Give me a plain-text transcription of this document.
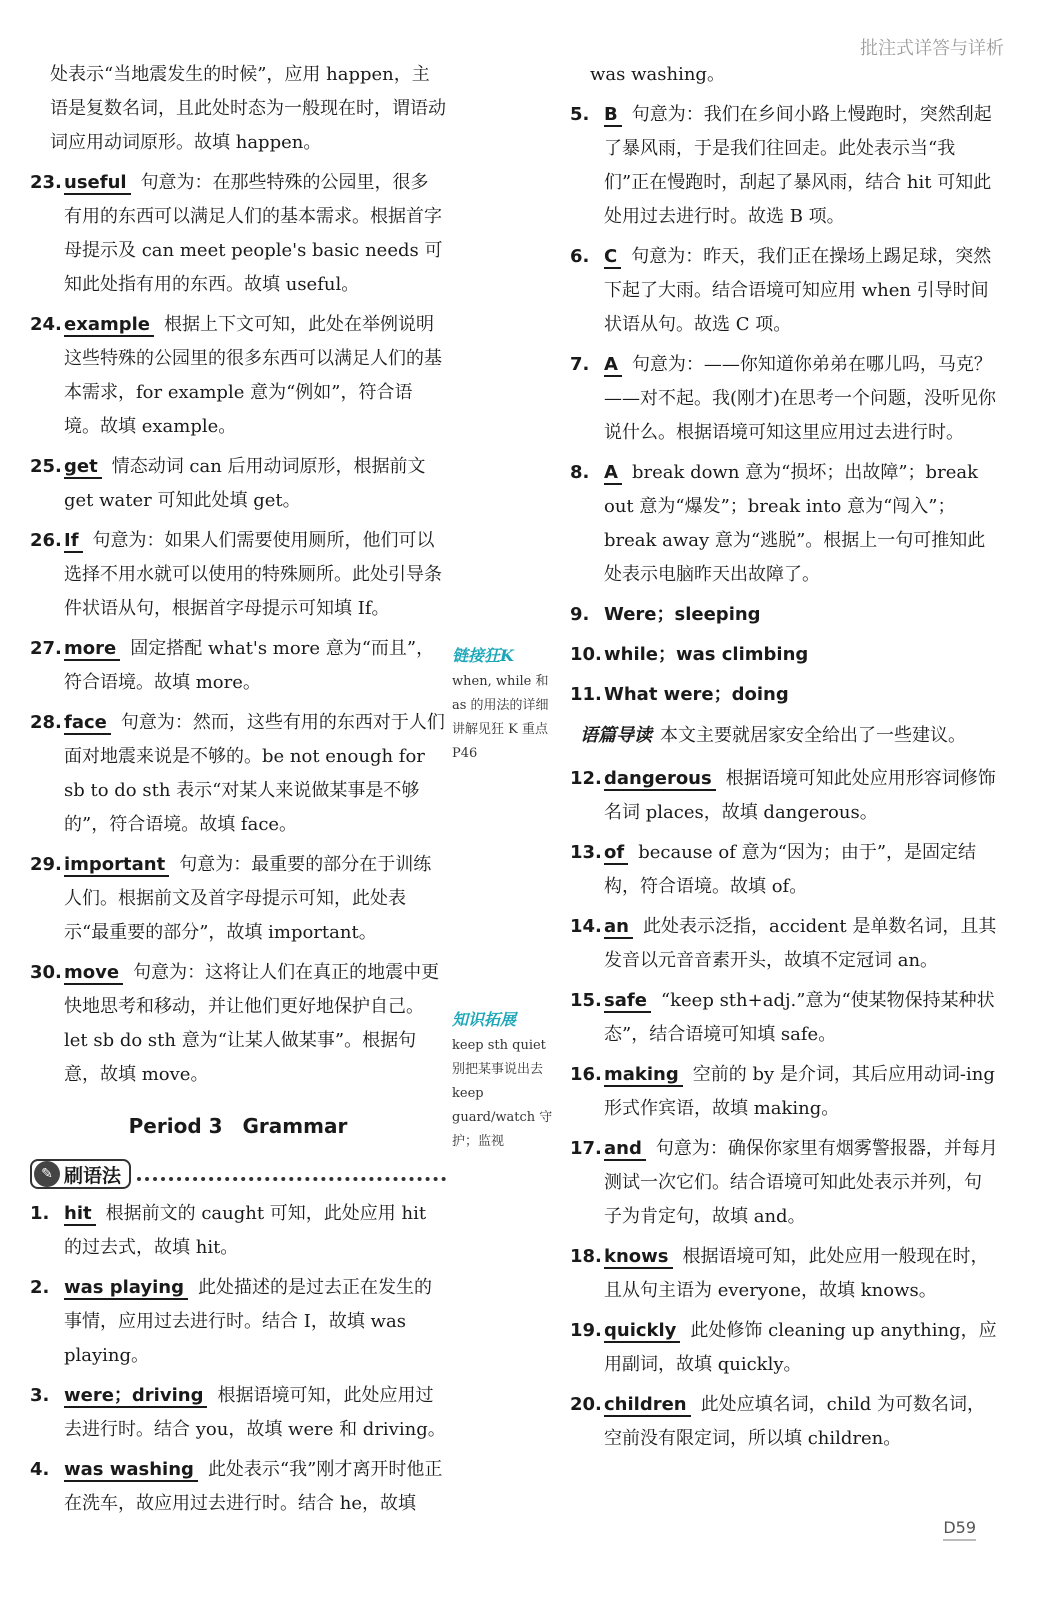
批注式详答与详析
处表示“当地震发生的时候”，应用 happen，主语是复数名词，且此处时态为一般现在时，谓语动词应用动词原形。故填 happen。
23. useful 句意为：在那些特殊的公园里，很多有用的东西可以满足人们的基本需求。根据首字母提示及 can meet people's basic needs 可知此处指有用的东西。故填 useful。
24. example 根据上下文可知，此处在举例说明这些特殊的公园里的很多东西可以满足人们的基本需求，for example 意为“例如”，符合语境。故填 example。
25. get 情态动词 can 后用动词原形，根据前文 get water 可知此处填 get。
26. If 句意为：如果人们需要使用厕所，他们可以选择不用水就可以使用的特殊厕所。此处引导条件状语从句，根据首字母提示可知填 If。
27. more 固定搭配 what's more 意为“而且”，符合语境。故填 more。
28. face 句意为：然而，这些有用的东西对于人们面对地震来说是不够的。be not enough for sb to do sth 表示“对某人来说做某事是不够的”，符合语境。故填 face。
29. important 句意为：最重要的部分在于训练人们。根据前文及首字母提示可知，此处表示“最重要的部分”，故填 important。
30. move 句意为：这将让人们在真正的地震中更快地思考和移动，并让他们更好地保护自己。let sb do sth 意为“让某人做某事”。根据句意，故填 move。
Period 3　Grammar
✎ 刷语法
1. hit 根据前文的 caught 可知，此处应用 hit 的过去式，故填 hit。
2. was playing 此处描述的是过去正在发生的事情，应用过去进行时。结合 I，故填 was playing。
3. were；driving 根据语境可知，此处应用过去进行时。结合 you，故填 were 和 driving。
4. was washing 此处表示“我”刚才离开时他正在洗车，故应用过去进行时。结合 he，故填
链接狂K
when, while 和 as 的用法的详细讲解见狂 K 重点 P46
知识拓展
keep sth quiet 别把某事说出去 keep guard/watch 守护；监视
was washing。
5. B 句意为：我们在乡间小路上慢跑时，突然刮起了暴风雨，于是我们往回走。此处表示当“我们”正在慢跑时，刮起了暴风雨，结合 hit 可知此处用过去进行时。故选 B 项。
6. C 句意为：昨天，我们正在操场上踢足球，突然下起了大雨。结合语境可知应用 when 引导时间状语从句。故选 C 项。
7. A 句意为：——你知道你弟弟在哪儿吗，马克？——对不起。我(刚才)在思考一个问题，没听见你说什么。根据语境可知这里应用过去进行时。
8. A break down 意为“损坏；出故障”；break out 意为“爆发”；break into 意为“闯入”；break away 意为“逃脱”。根据上一句可推知此处表示电脑昨天出故障了。
9. Were；sleeping
10. while；was climbing
11. What were；doing
语篇导读 本文主要就居家安全给出了一些建议。
12. dangerous 根据语境可知此处应用形容词修饰名词 places，故填 dangerous。
13. of because of 意为“因为；由于”，是固定结构，符合语境。故填 of。
14. an 此处表示泛指，accident 是单数名词，且其发音以元音音素开头，故填不定冠词 an。
15. safe “keep sth+adj.”意为“使某物保持某种状态”，结合语境可知填 safe。
16. making 空前的 by 是介词，其后应用动词-ing 形式作宾语，故填 making。
17. and 句意为：确保你家里有烟雾警报器，并每月测试一次它们。结合语境可知此处表示并列，句子为肯定句，故填 and。
18. knows 根据语境可知，此处应用一般现在时，且从句主语为 everyone，故填 knows。
19. quickly 此处修饰 cleaning up anything，应用副词，故填 quickly。
20. children 此处应填名词，child 为可数名词，空前没有限定词，所以填 children。
D59
